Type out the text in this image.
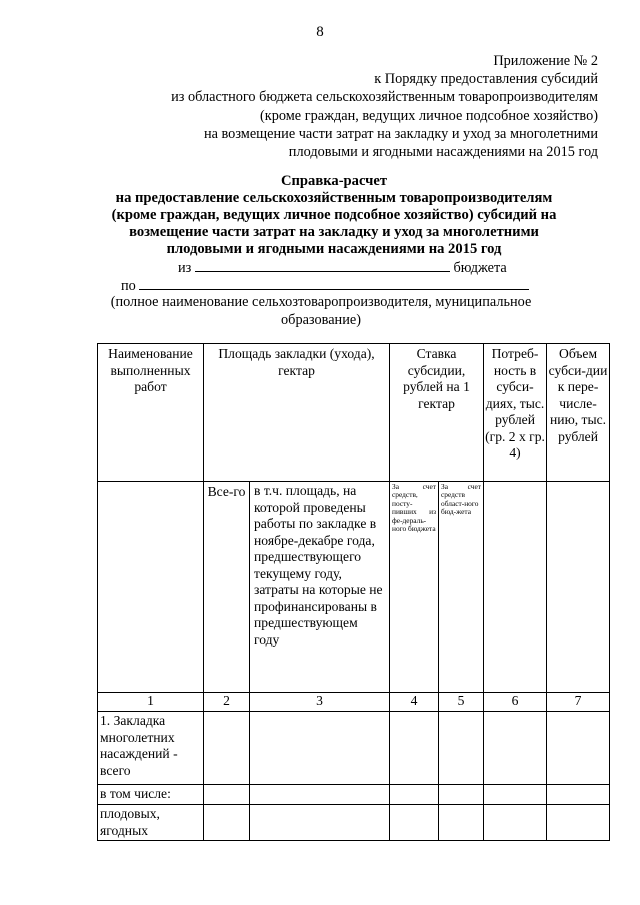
8
Приложение № 2
к Порядку предоставления субсидий
из областного бюджета сельскохозяйственным товаропроизводителям
(кроме граждан, ведущих личное подсобное хозяйство)
на возмещение части затрат на закладку и уход за многолетними
плодовыми и ягодными насаждениями на 2015 год
Справка-расчет
на предоставление сельскохозяйственным товаропроизводителям
(кроме граждан, ведущих личное подсобное хозяйство) субсидий на
возмещение части затрат на закладку и уход за многолетними
плодовыми и ягодными насаждениями на 2015 год
из	бюджета
по
(полное наименование сельхозтоваропроизводителя, муниципальное образование)
Наименование выполненных работ	Площадь закладки (ухода), гектар		Ставка субсидии, рублей на 1 гектар		Потреб-ность в субси-диях, тыс. рублей (гр. 2 х гр. 4)	Объем субси-дии к пере-числе-нию, тыс. рублей
	Все-го	в т.ч. площадь, на которой проведены работы по закладке в ноябре-декабре года, предшествующего текущему году, затраты на которые не профинансированы в предшествующем году	За счет средств, посту-пивших из фе-дераль-ного бюджета	За счет средств област-ного бюд-жета		
1	2	3	4	5	6	7
1. Закладка многолетних насаждений - всего						
в том числе:						
плодовых, ягодных						
